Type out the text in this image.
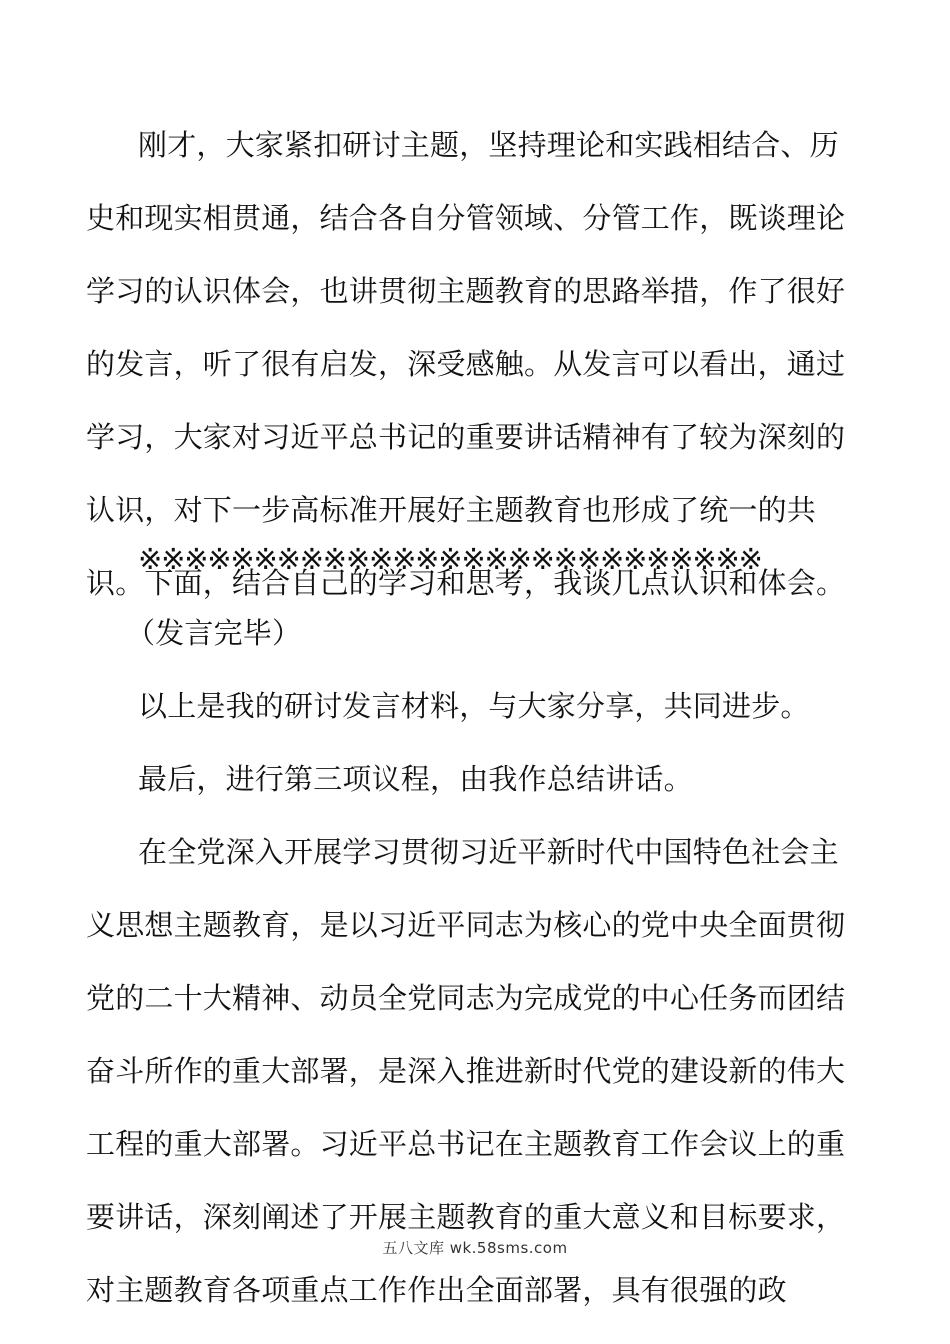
刚才，大家紧扣研讨主题，坚持理论和实践相结合、历史和现实相贯通，结合各自分管领域、分管工作，既谈理论学习的认识体会，也讲贯彻主题教育的思路举措，作了很好的发言，听了很有启发，深受感触。从发言可以看出，通过学习，大家对习近平总书记的重要讲话精神有了较为深刻的认识，对下一步高标准开展好主题教育也形成了统一的共识。下面，结合自己的学习和思考，我谈几点认识和体会。

※※※※※※※※※※※※※※※※※※※※※※※※※※※

（发言完毕）

以上是我的研讨发言材料，与大家分享，共同进步。

最后，进行第三项议程，由我作总结讲话。

在全党深入开展学习贯彻习近平新时代中国特色社会主义思想主题教育，是以习近平同志为核心的党中央全面贯彻党的二十大精神、动员全党同志为完成党的中心任务而团结奋斗所作的重大部署，是深入推进新时代党的建设新的伟大工程的重大部署。习近平总书记在主题教育工作会议上的重要讲话，深刻阐述了开展主题教育的重大意义和目标要求，对主题教育各项重点工作作出全面部署，具有很强的政

五八文库 wk.58sms.com
